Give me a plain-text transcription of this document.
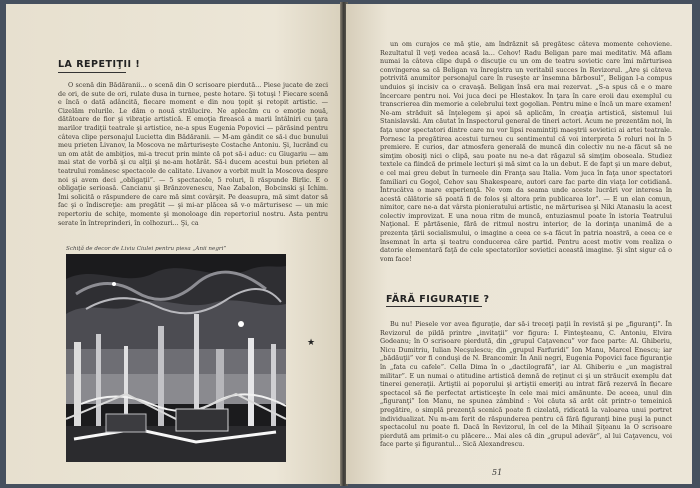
LA REPETIŢII !

O scenă din Bădăranii... o scenă din O scrisoare pierdută... Piese jucate de zeci de ori, de sute de ori, rulate dusa in turnee, peste hotare. Şi totuşi ! Fiecare scenă e încă o dată adâncită, fiecare moment e din nou ţopit şi retopit artistic. — Cizelăm rolurile. Le dăm o nouă strălucire. Ne aplecăm cu o emoţie nouă, dătătoare de fior şi vibraţie artistică. E emoţia firească a marii întâlniri cu ţara marilor tradiţii teatrale şi artistice, ne-a spus Eugenia Popovici — părăsind pentru câteva clipe personajul Lucietta din Bădăranii. — M-am gândit ce să-i duc bunului meu prieten Livanov, la Moscova ne mărturisește Costache Antoniu. Şi, lucrând cu un om atât de ambiţios, mi-a trecut prin minte că pot să-i aduc: cu Giugariu — am mai stat de vorbă şi cu alţii şi ne-am hotărât. Să-i ducem acestui bun prieten al teatrului românesc spectacole de calitate. Livanov a vorbit mult la Moscova despre noi şi avem deci „obligaţii”. — 5 spectacole, 5 roluri, îi răspunde Birlic. E o obligaţie serioasă. Cancianu şi Brănzovenescu, Nae Zabalon, Bobcinski şi Ichim. Îmi solicită o răspundere de care mă simt covârşit. Pe deasupra, mă simt dator să fac şi o îndiscreţie: am pregătit — şi mi-ar plăcea să v-o mărturisesc — un mic repertoriu de schiţe, momente şi monoloage din repertoriul nostru. Asta pentru serate în întreprinderi, în colhozuri... Şi, ca

Schiţă de decor de Liviu Ciulei pentru piesa „Anii negri”
★

un om curajos ce mă ştie, am îndrăznit să pregătesc câteva momente cehoviene. Rezultatul îl veţi vedea acasă la... Cehov! Radu Beligan pare mai meditativ. Mă aflam numai la câteva clipe după o discuţie cu un om de teatru sovietic care îmi mărturisea convingerea sa că Beligan va înregistra un veritabil succes în Revizorul. „Are şi câteva potrivită anumitor personajul care în ruseşte ar însemna bărbosul”, Beligan l-a compus unduios şi incisiv ca o cravaşă. Beligan însă era mai rezervat. „S-a spus că e o mare încercare pentru noi. Voi juca deci pe Hlestakov. În ţara în care eroii dau exemplul cu transcrierea din memorie a celebrului text gogolian. Pentru mine e încă un mare examen! Ne-am străduit să înţelegem şi apoi să aplicăm, în creaţia artistică, sistemul lui Stanislavski. Am căutat în Inspectorul general de tineri actori. Acum ne prezentăm noi, în faţa unor spectatori dintre care nu vor lipsi reamintiţi maeştrii sovietici ai artei teatrale. Pornesc la pregătirea acestui turneu cu sentimentul că voi interpreta 5 roluri noi în 5 premiere. E curios, dar atmosfera generală de muncă din colectiv nu ne-a făcut să ne simţim obosiţi nici o clipă, sau poate nu ne-a dat răgazul să simţim oboseala. Studiez textele ca fiindcă de primele lecturi şi mă simt ca la un debut. E de fapt şi un mare debut, e cel mai greu debut în turneele din Franţa sau Italia. Vom juca în faţa unor spectatori familiari cu Gogol, Cehov sau Shakespeare, autori care fac parte din viaţa lor cotidiană. Întrucâtva o mare experienţă. Ne vom da seama unde aceste lucrări vor interesa în acestă călătorie să poată fi de folos şi altora prin publicarea lor”. — E un elan comun, nimitor, care ne-a dat vârsta pionieratului artistic, ne mărturisea şi Niki Atanasiu la acest colectiv improvizat. E una noua ritm de muncă, entuziasmul poate în istoria Teatrului Naţional. E părtăsenie, fără de ritmul nostru interior, de la dorinţa unanimă de a prezenta ţării socialismului, o imagine a ceea ce s-a făcut în patria noastră, a ceea ce e însemnat în arta şi teatru conducerea căre partid. Pentru acest motiv vom realiza o datorie elementară faţă de cele spectatorilor sovietici această imagine. Şi sînt sigur că o vom face!

FĂRĂ FIGURAŢIE ?

Bu nu! Piesele vor avea figuraţie, dar să-i treceţi paţii în revistă şi pe „figuranţi”. În Revizorul de pildă printre „invitaţii” vor figura: I. Finteşteanu, C. Antoniu, Elvira Godeanu; în O scrisoare pierdută, din „grupul Caţavencu” vor face parte: Al. Ghiberiu, Nicu Dumitriu, Iulian Necşulescu; din „grupul Farfuridi” Ion Manu, Marcel Enescu; iar „bădăuţii” vor fi conduşi de N. Brancomir. În Anii negri, Eugenia Popovici face figuranţie în „fata cu cafele”. Cella Dima în o „dactilografă”, iar Al. Ghiberiu e „un magistral militar”. E un numai o atitudine artistică demnă de reţinut ci şi un străucit exemplu dat tinerei generaţii. Artiştii ai poporului şi artiştii emeriţi au intrat fără rezervă în fiecare spectacol să fie perfectat artisticeşte în cele mai mici amănunte. De aceea, unul din „figuranţi” Ion Manu, ne spunea zâmbind : Voi căuta să arăt cât printr-o temeinică pregătire, o simplă prezenţă scenică poate fi cizelată, ridicată la valoarea unui portret individualizat. Nu m-am ferit de răspunderea pentru că fără figuranţi bine puşi la punct spectacolul nu poate fi. Dacă în Revizorul, în cel de la Mihail Şiţeanu la O scrisoare pierdută am primit-o cu plăcere... Mai ales că din „grupul adevăr”, al lui Caţavencu, voi face parte şi figurantul... Sică Alexandrescu.

51
